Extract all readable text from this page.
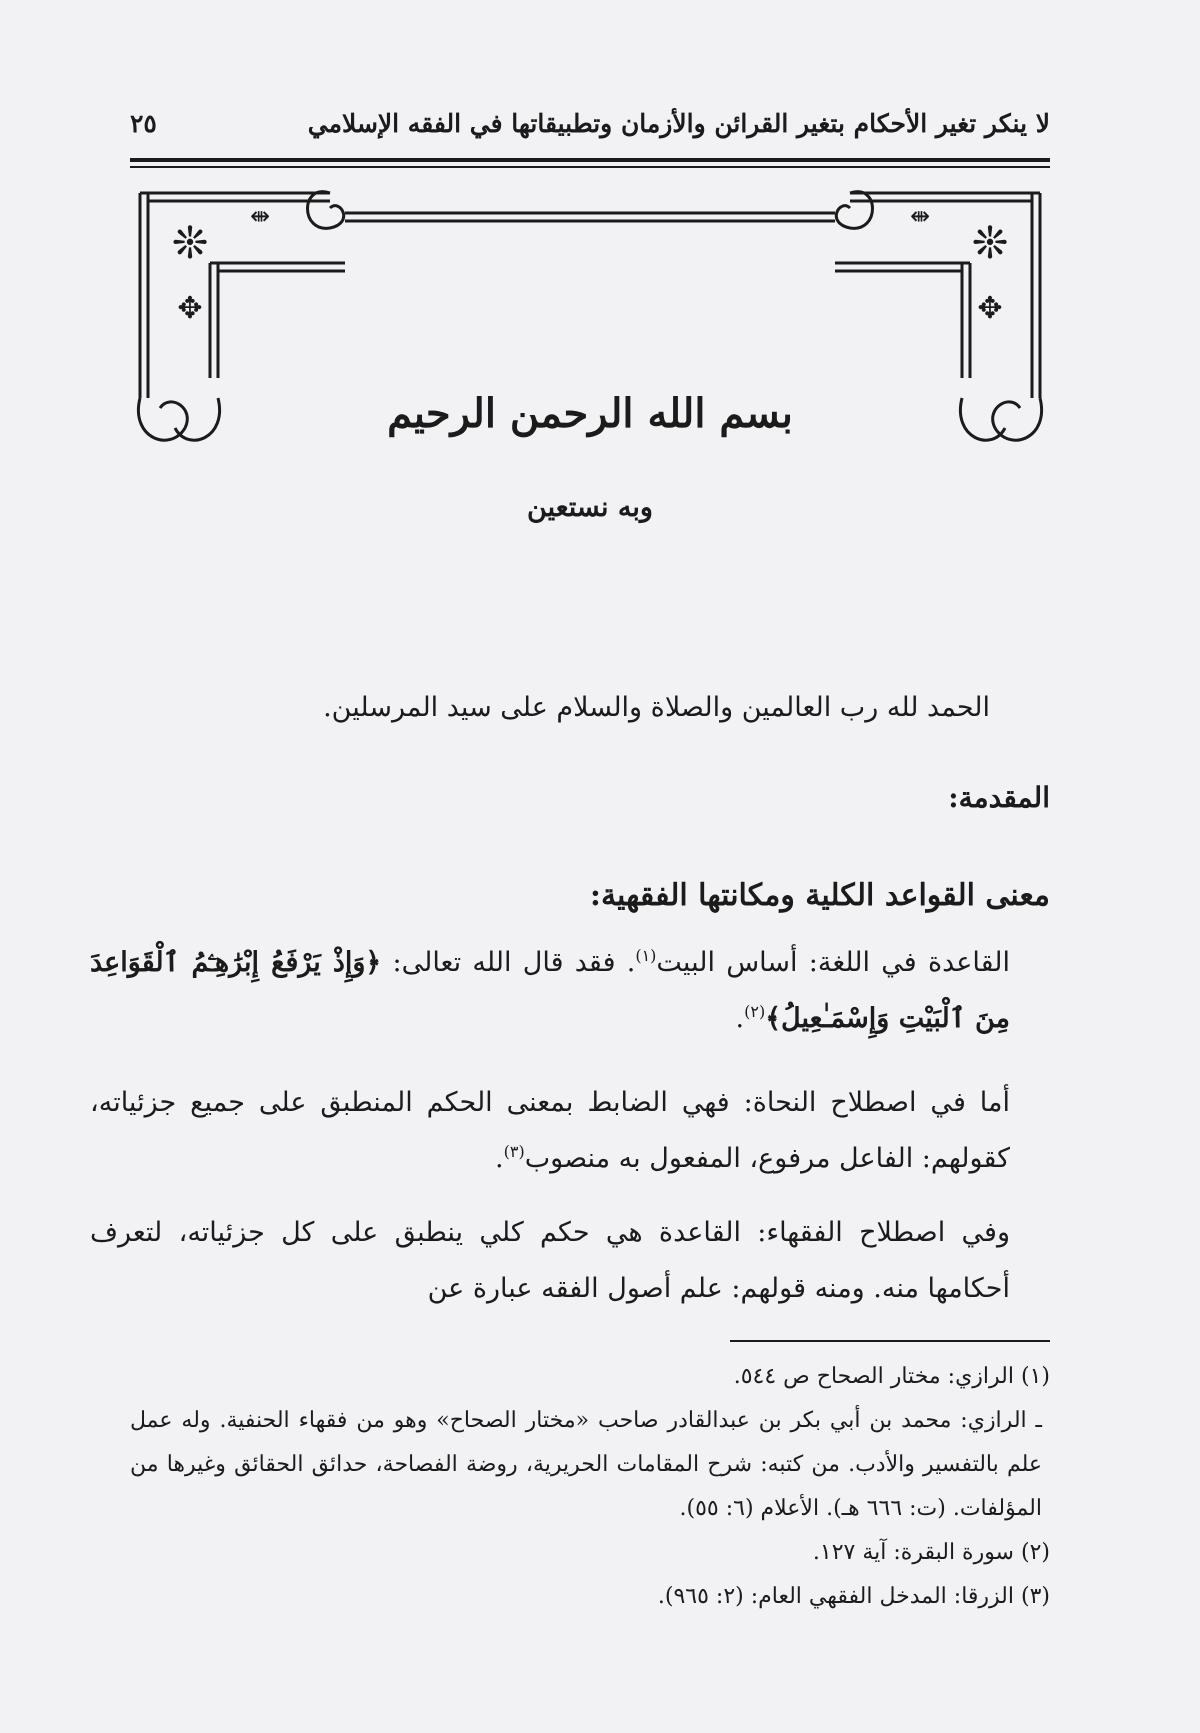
لا ينكر تغير الأحكام بتغير القرائن والأزمان وتطبيقاتها في الفقه الإسلامي
٢٥
❊	❊
⇼	⇼
✥	✥
بسم الله الرحمن الرحيم
وبه نستعين
الحمد لله رب العالمين والصلاة والسلام على سيد المرسلين.
المقدمة:
معنى القواعد الكلية ومكانتها الفقهية:
القاعدة في اللغة: أساس البيت$^{(١)}$. فقد قال الله تعالى: ﴿وَإِذْ يَرْفَعُ إِبْرَٰهِـۧمُ ٱلْقَوَاعِدَ مِنَ ٱلْبَيْتِ وَإِسْمَـٰعِيلُ﴾$^{(٢)}$.
أما في اصطلاح النحاة: فهي الضابط بمعنى الحكم المنطبق على جميع جزئياته، كقولهم: الفاعل مرفوع، المفعول به منصوب$^{(٣)}$.
وفي اصطلاح الفقهاء: القاعدة هي حكم كلي ينطبق على كل جزئياته، لتعرف أحكامها منه. ومنه قولهم: علم أصول الفقه عبارة عن

(١) الرازي: مختار الصحاح ص ٥٤٤.

ـ الرازي: محمد بن أبي بكر بن عبدالقادر صاحب «مختار الصحاح» وهو من فقهاء الحنفية. وله عمل علم بالتفسير والأدب. من كتبه: شرح المقامات الحريرية، روضة الفصاحة، حدائق الحقائق وغيرها من المؤلفات. (ت: ٦٦٦ هـ). الأعلام (٦: ٥٥).

(٢) سورة البقرة: آية ١٢٧.

(٣) الزرقا: المدخل الفقهي العام: (٢: ٩٦٥).
